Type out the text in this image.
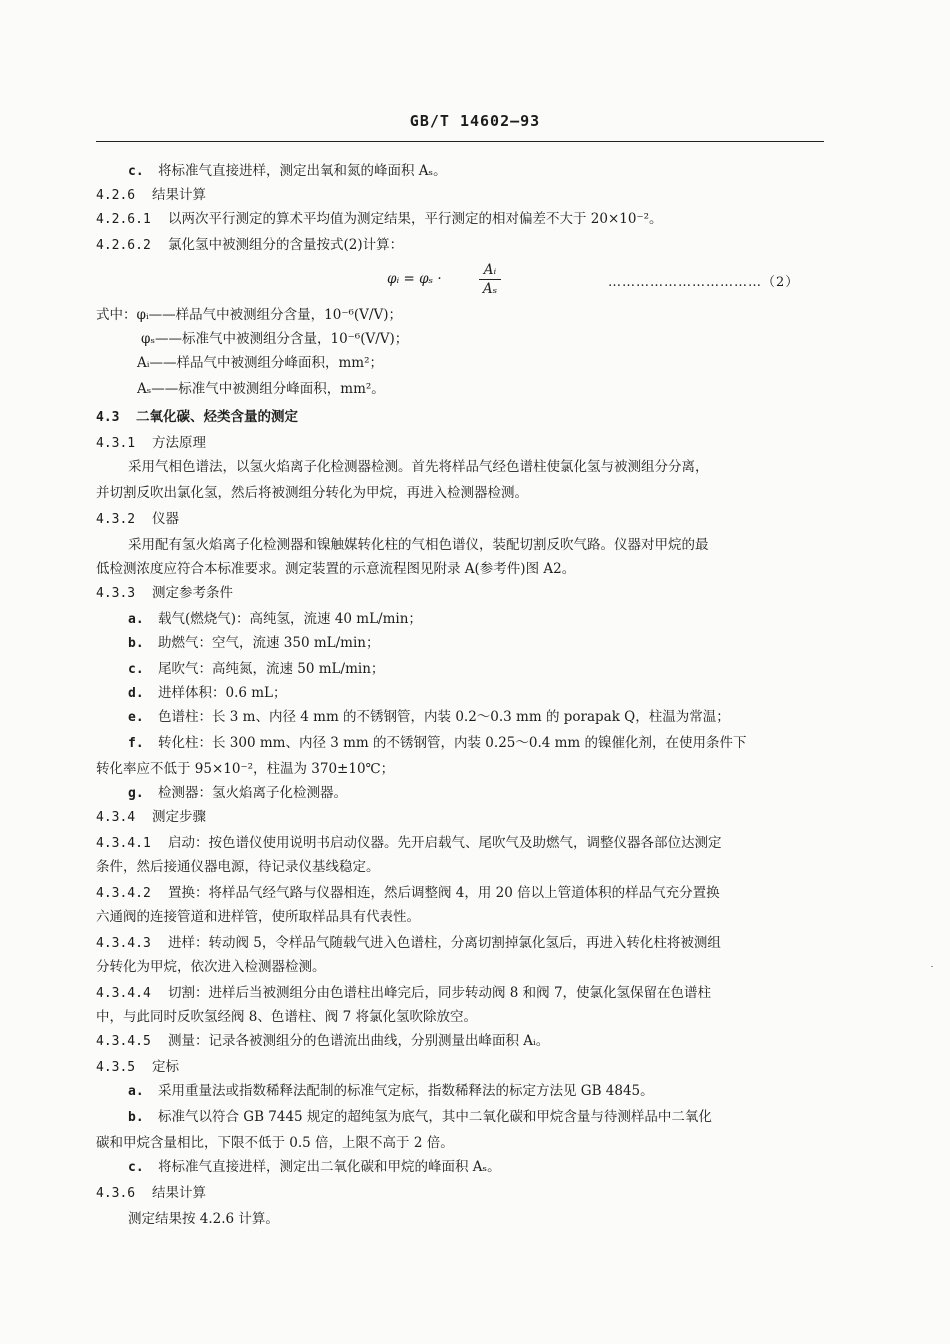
GB/T 14602—93
c. 将标准气直接进样，测定出氧和氮的峰面积 Aₛ。
4.2.6 结果计算
4.2.6.1 以两次平行测定的算术平均值为测定结果，平行测定的相对偏差不大于 20×10⁻²。
4.2.6.2 氯化氢中被测组分的含量按式(2)计算：
φᵢ = φₛ ·
Aᵢ
Aₛ	……………………………（2）
式中：φᵢ——样品气中被测组分含量，10⁻⁶(V/V)；
φₛ——标准气中被测组分含量，10⁻⁶(V/V)；
Aᵢ——样品气中被测组分峰面积，mm²；
Aₛ——标准气中被测组分峰面积，mm²。
4.3 二氧化碳、烃类含量的测定
4.3.1 方法原理
采用气相色谱法，以氢火焰离子化检测器检测。首先将样品气经色谱柱使氯化氢与被测组分分离，
并切割反吹出氯化氢，然后将被测组分转化为甲烷，再进入检测器检测。
4.3.2 仪器
采用配有氢火焰离子化检测器和镍触媒转化柱的气相色谱仪，装配切割反吹气路。仪器对甲烷的最
低检测浓度应符合本标准要求。测定装置的示意流程图见附录 A(参考件)图 A2。
4.3.3 测定参考条件
a. 载气(燃烧气)：高纯氢，流速 40 mL/min；
b. 助燃气：空气，流速 350 mL/min；
c. 尾吹气：高纯氮，流速 50 mL/min；
d. 进样体积：0.6 mL；
e. 色谱柱：长 3 m、内径 4 mm 的不锈钢管，内装 0.2～0.3 mm 的 porapak Q，柱温为常温；
f. 转化柱：长 300 mm、内径 3 mm 的不锈钢管，内装 0.25～0.4 mm 的镍催化剂，在使用条件下
转化率应不低于 95×10⁻²，柱温为 370±10℃；
g. 检测器：氢火焰离子化检测器。
4.3.4 测定步骤
4.3.4.1 启动：按色谱仪使用说明书启动仪器。先开启载气、尾吹气及助燃气，调整仪器各部位达测定
条件，然后接通仪器电源，待记录仪基线稳定。
4.3.4.2 置换：将样品气经气路与仪器相连，然后调整阀 4，用 20 倍以上管道体积的样品气充分置换
六通阀的连接管道和进样管，使所取样品具有代表性。
4.3.4.3 进样：转动阀 5，令样品气随载气进入色谱柱，分离切割掉氯化氢后，再进入转化柱将被测组
分转化为甲烷，依次进入检测器检测。
4.3.4.4 切割：进样后当被测组分由色谱柱出峰完后，同步转动阀 8 和阀 7，使氯化氢保留在色谱柱
中，与此同时反吹氢经阀 8、色谱柱、阀 7 将氯化氢吹除放空。
4.3.4.5 测量：记录各被测组分的色谱流出曲线，分别测量出峰面积 Aᵢ。
4.3.5 定标
a. 采用重量法或指数稀释法配制的标准气定标，指数稀释法的标定方法见 GB 4845。
b. 标准气以符合 GB 7445 规定的超纯氢为底气，其中二氧化碳和甲烷含量与待测样品中二氧化
碳和甲烷含量相比，下限不低于 0.5 倍，上限不高于 2 倍。
c. 将标准气直接进样，测定出二氧化碳和甲烷的峰面积 Aₛ。
4.3.6 结果计算
测定结果按 4.2.6 计算。
